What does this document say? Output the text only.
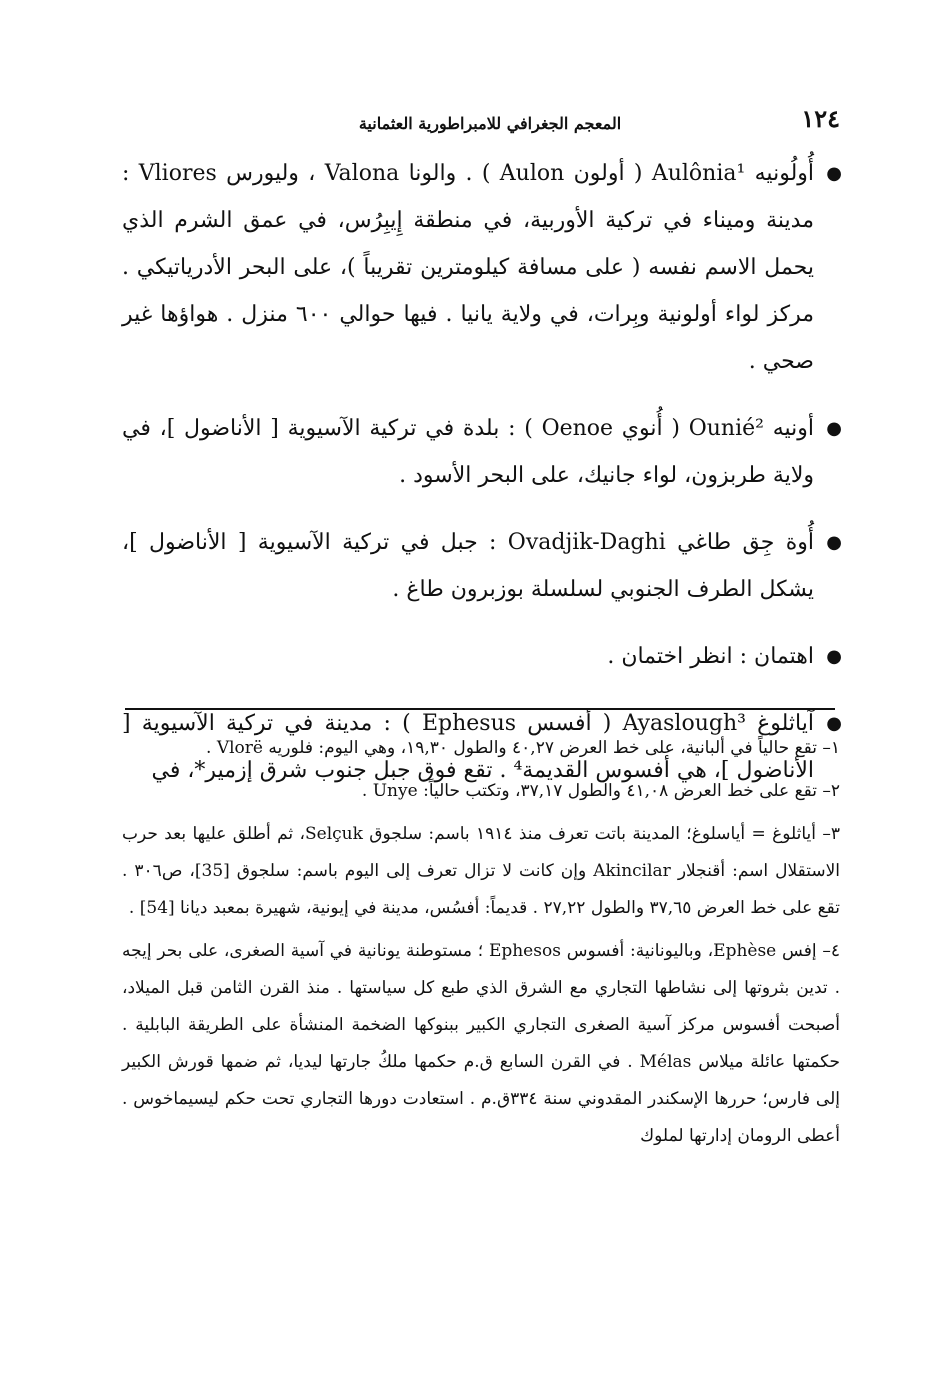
المعجم الجغرافي للامبراطورية العثمانية	١٢٤

●
أُولُونيه Aulônia¹ ( أولون Aulon ) . والونا Valona ، وليورس Vliores : مدينة وميناء في تركية الأوربية، في منطقة إِيبِرُس، في عمق الشرم الذي يحمل الاسم نفسه ( على مسافة كيلومترين تقريباً )، على البحر الأدرياتيكي . مركز لواء أولونية وبِرات، في ولاية يانيا . فيها حوالي ٦٠٠ منزل . هواؤها غير صحي .

●
أونيه Ounié² ( أُنوي Oenoe ) : بلدة في تركية الآسيوية [ الأناضول ]، في ولاية طربزون، لواء جانيك، على البحر الأسود .

●
أُوة جِق طاغي Ovadjik-Daghi : جبل في تركية الآسيوية [ الأناضول ]، يشكل الطرف الجنوبي لسلسلة بوزبرون طاغ .

●
اهتمان : انظر اختمان .

●
آياثلوغ Ayaslough³ ( أفسس Ephesus ) : مدينة في تركية الآسيوية [ الأناضول ]، هي أفسوس القديمة⁴ . تقع فوق جبل جنوب شرق إزمير*، في

١– تقع حالياً في ألبانية، على خط العرض ٤٠,٢٧ والطول ١٩,٣٠، وهي اليوم: فلوريه Vlorë .

٢– تقع على خط العرض ٤١,٠٨ والطول ٣٧,١٧، وتكتب حالياً: Unye .

٣– أياثلوغ = أياسلوغ؛ المدينة باتت تعرف منذ ١٩١٤ باسم: سلجوق Selçuk، ثم أطلق عليها بعد حرب الاستقلال اسم: أقنجلار Akincilar وإن كانت لا تزال تعرف إلى اليوم باسم: سلجوق [35]، ص٣٠٦ . تقع على خط العرض ٣٧,٦٥ والطول ٢٧,٢٢ . قديماً: أفسُس، مدينة في إيونية، شهيرة بمعبد ديانا [54] .

٤– إفس Ephèse، وباليونانية: أفسوس Ephesos ؛ مستوطنة يونانية في آسية الصغرى، على بحر إيجه . تدين بثروتها إلى نشاطها التجاري مع الشرق الذي طبع كل سياستها . منذ القرن الثامن قبل الميلاد، أصبحت أفسوس مركز آسية الصغرى التجاري الكبير ببنوكها الضخمة المنشأة على الطريقة البابلية . حكمتها عائلة ميلاس Mélas . في القرن السابع ق.م حكمها ملكُ جارتها ليديا، ثم ضمها قورش الكبير إلى فارس؛ حررها الإسكندر المقدوني سنة ٣٣٤ق.م . استعادت دورها التجاري تحت حكم ليسيماخوس . أعطى الرومان إدارتها لملوك
